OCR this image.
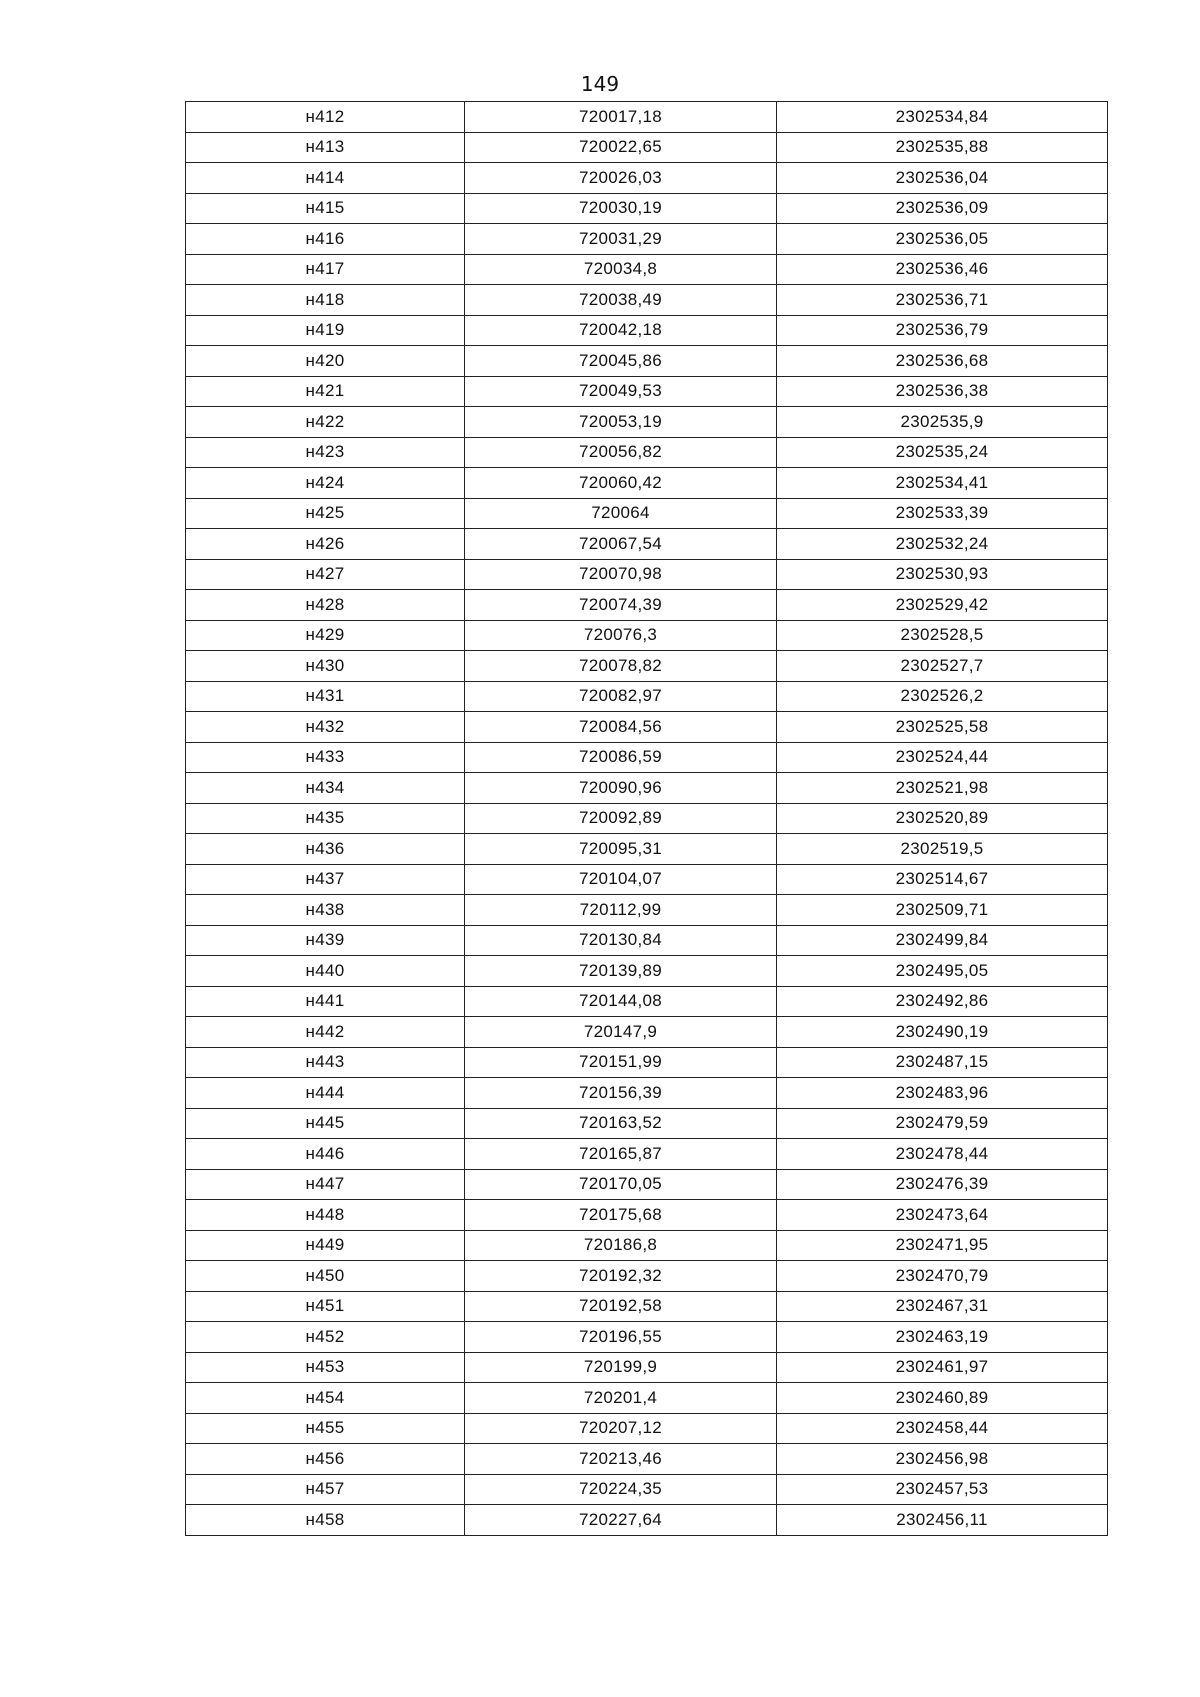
149
н412	720017,18	2302534,84
н413	720022,65	2302535,88
н414	720026,03	2302536,04
н415	720030,19	2302536,09
н416	720031,29	2302536,05
н417	720034,8	2302536,46
н418	720038,49	2302536,71
н419	720042,18	2302536,79
н420	720045,86	2302536,68
н421	720049,53	2302536,38
н422	720053,19	2302535,9
н423	720056,82	2302535,24
н424	720060,42	2302534,41
н425	720064	2302533,39
н426	720067,54	2302532,24
н427	720070,98	2302530,93
н428	720074,39	2302529,42
н429	720076,3	2302528,5
н430	720078,82	2302527,7
н431	720082,97	2302526,2
н432	720084,56	2302525,58
н433	720086,59	2302524,44
н434	720090,96	2302521,98
н435	720092,89	2302520,89
н436	720095,31	2302519,5
н437	720104,07	2302514,67
н438	720112,99	2302509,71
н439	720130,84	2302499,84
н440	720139,89	2302495,05
н441	720144,08	2302492,86
н442	720147,9	2302490,19
н443	720151,99	2302487,15
н444	720156,39	2302483,96
н445	720163,52	2302479,59
н446	720165,87	2302478,44
н447	720170,05	2302476,39
н448	720175,68	2302473,64
н449	720186,8	2302471,95
н450	720192,32	2302470,79
н451	720192,58	2302467,31
н452	720196,55	2302463,19
н453	720199,9	2302461,97
н454	720201,4	2302460,89
н455	720207,12	2302458,44
н456	720213,46	2302456,98
н457	720224,35	2302457,53
н458	720227,64	2302456,11
